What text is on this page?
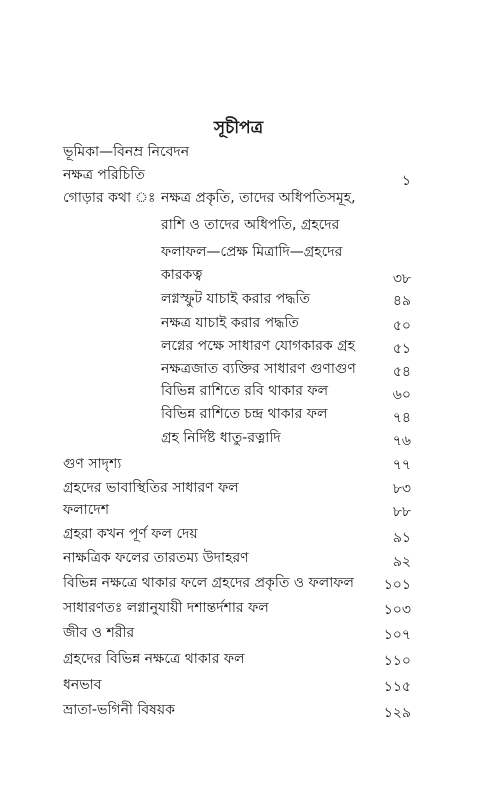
সূচীপত্র
ভূমিকা—বিনম্র নিবেদন
নক্ষত্র পরিচিতি	১
গোড়ার কথা ঃ নক্ষত্র প্রকৃতি, তাদের অধিপতিসমূহ,
রাশি ও তাদের অধিপতি, গ্রহদের
ফলাফল—প্রেক্ষ মিত্রাদি—গ্রহদের
কারকত্ব	৩৮
লগ্নস্ফুট যাচাই করার পদ্ধতি	৪৯
নক্ষত্র যাচাই করার পদ্ধতি	৫০
লগ্নের পক্ষে সাধারণ যোগকারক গ্রহ	৫১
নক্ষত্রজাত ব্যক্তির সাধারণ গুণাগুণ	৫৪
বিভিন্ন রাশিতে রবি থাকার ফল	৬০
বিভিন্ন রাশিতে চন্দ্র থাকার ফল	৭৪
গ্রহ নির্দিষ্ট ধাতু-রত্নাদি	৭৬
গুণ সাদৃশ্য	৭৭
গ্রহদের ভাবাস্থিতির সাধারণ ফল	৮৩
ফলাদেশ	৮৮
গ্রহরা কখন পূর্ণ ফল দেয়	৯১
নাক্ষত্রিক ফলের তারতম্য উদাহরণ	৯২
বিভিন্ন নক্ষত্রে থাকার ফলে গ্রহদের প্রকৃতি ও ফলাফল	১০১
সাধারণতঃ লগ্নানুযায়ী দশান্তর্দশার ফল	১০৩
জীব ও শরীর	১০৭
গ্রহদের বিভিন্ন নক্ষত্রে থাকার ফল	১১০
ধনভাব	১১৫
ভ্রাতা-ভগিনী বিষয়ক	১২৯
